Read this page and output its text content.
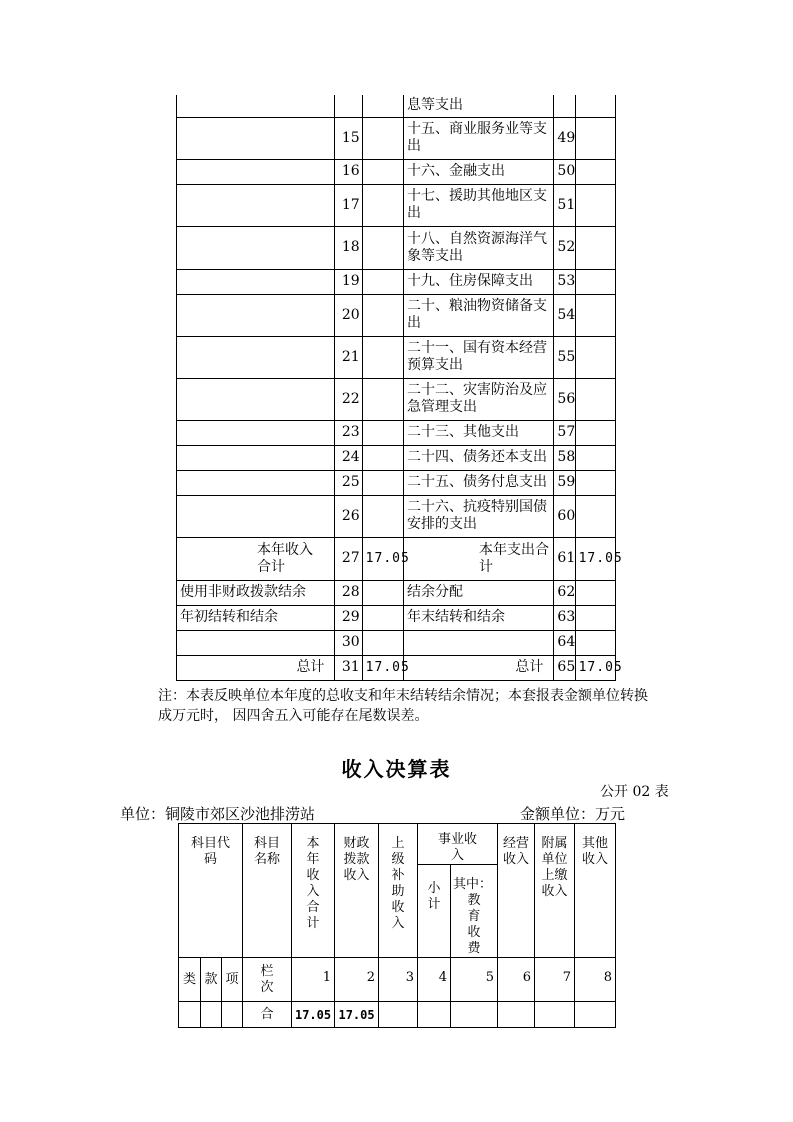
			息等支出		
	15		十五、商业服务业等支出	49	
	16		十六、金融支出	50	
	17		十七、援助其他地区支出	51	
	18		十八、自然资源海洋气象等支出	52	
	19		十九、住房保障支出	53	
	20		二十、粮油物资储备支出	54	
	21		二十一、国有资本经营预算支出	55	
	22		二十二、灾害防治及应急管理支出	56	
	23		二十三、其他支出	57	
	24		二十四、债务还本支出	58	
	25		二十五、债务付息支出	59	
	26		二十六、抗疫特别国债安排的支出	60	
本年收入合计	27	17.05	本年支出合计	61	17.05
使用非财政拨款结余	28		结余分配	62	
年初结转和结余	29		年末结转和结余	63	
	30			64	
总计	31	17.05	总计	65	17.05
注：本表反映单位本年度的总收支和年末结转结余情况；本套报表金额单位转换成万元时， 因四舍五入可能存在尾数误差。
收入决算表
公开 02 表
单位：铜陵市郊区沙池排涝站	金额单位：万元
科目代码			科目名称	本年收入合计	财政拨款收入	上级补助收入	事业收入		经营收入	附属单位上缴收入	其他收入
							小计	其中：
教育收费			

类	款	项	栏次	1	2	3	4	5	6	7	8
			合	17.05	17.05						
